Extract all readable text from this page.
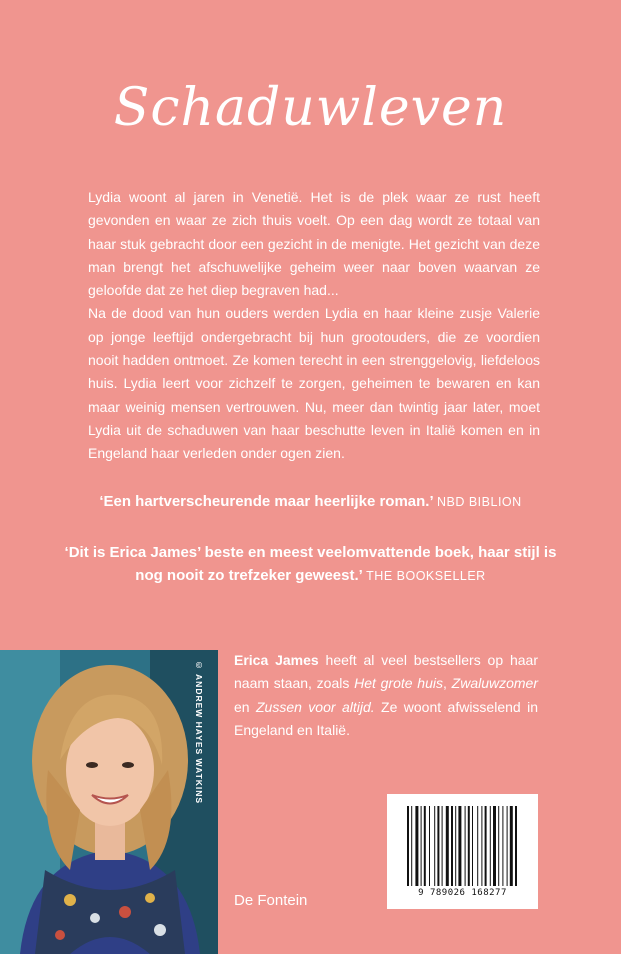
Schaduwleven

Lydia woont al jaren in Venetië. Het is de plek waar ze rust heeft gevonden en waar ze zich thuis voelt. Op een dag wordt ze totaal van haar stuk gebracht door een gezicht in de menigte. Het gezicht van deze man brengt het afschuwelijke geheim weer naar boven waarvan ze geloofde dat ze het diep begraven had...

Na de dood van hun ouders werden Lydia en haar kleine zusje Valerie op jonge leeftijd ondergebracht bij hun grootouders, die ze voordien nooit hadden ontmoet. Ze komen terecht in een strenggelovig, liefdeloos huis. Lydia leert voor zichzelf te zorgen, geheimen te bewaren en kan maar weinig mensen vertrouwen. Nu, meer dan twintig jaar later, moet Lydia uit de schaduwen van haar beschutte leven in Italië komen en in Engeland haar verleden onder ogen zien.

‘Een hartverscheurende maar heerlijke roman.’ NBD BIBLION
‘Dit is Erica James’ beste en meest veelomvattende boek, haar stijl is nog nooit zo trefzeker geweest.’ THE BOOKSELLER
© ANDREW HAYES WATKINS Erica James heeft al veel bestsellers op haar naam staan, zoals Het grote huis, Zwaluwzomer en Zussen voor altijd. Ze woont afwisselend in Engeland en Italië.

De Fontein	9 789026 168277
